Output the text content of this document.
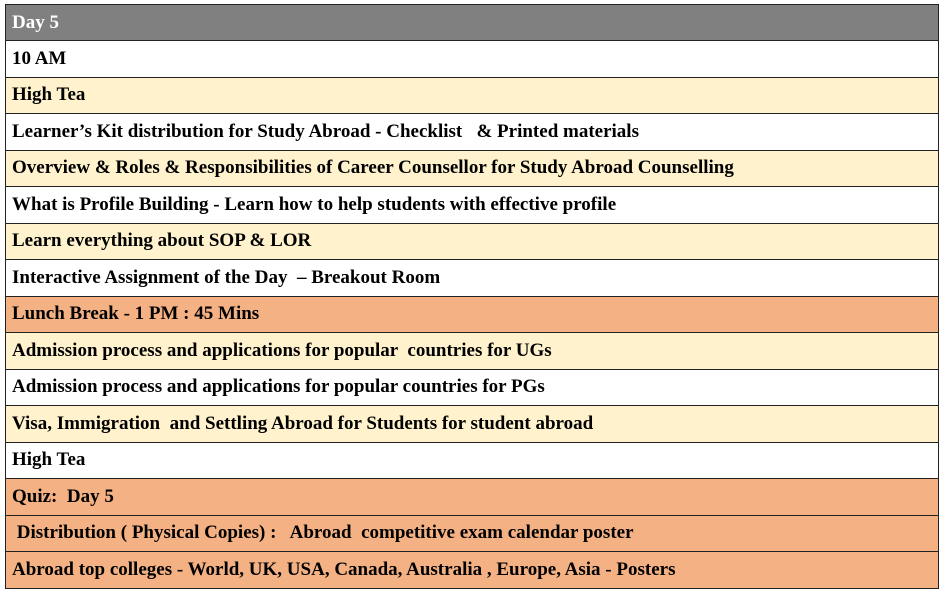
Day 5
10 AM
High Tea
Learner’s Kit distribution for Study Abroad - Checklist   & Printed materials
Overview & Roles & Responsibilities of Career Counsellor for Study Abroad Counselling
What is Profile Building - Learn how to help students with effective profile
Learn everything about SOP & LOR
Interactive Assignment of the Day  – Breakout Room
Lunch Break - 1 PM : 45 Mins
Admission process and applications for popular  countries for UGs
Admission process and applications for popular countries for PGs
Visa, Immigration  and Settling Abroad for Students for student abroad
High Tea
Quiz:  Day 5
Distribution ( Physical Copies) :   Abroad  competitive exam calendar poster
Abroad top colleges - World, UK, USA, Canada, Australia , Europe, Asia - Posters
